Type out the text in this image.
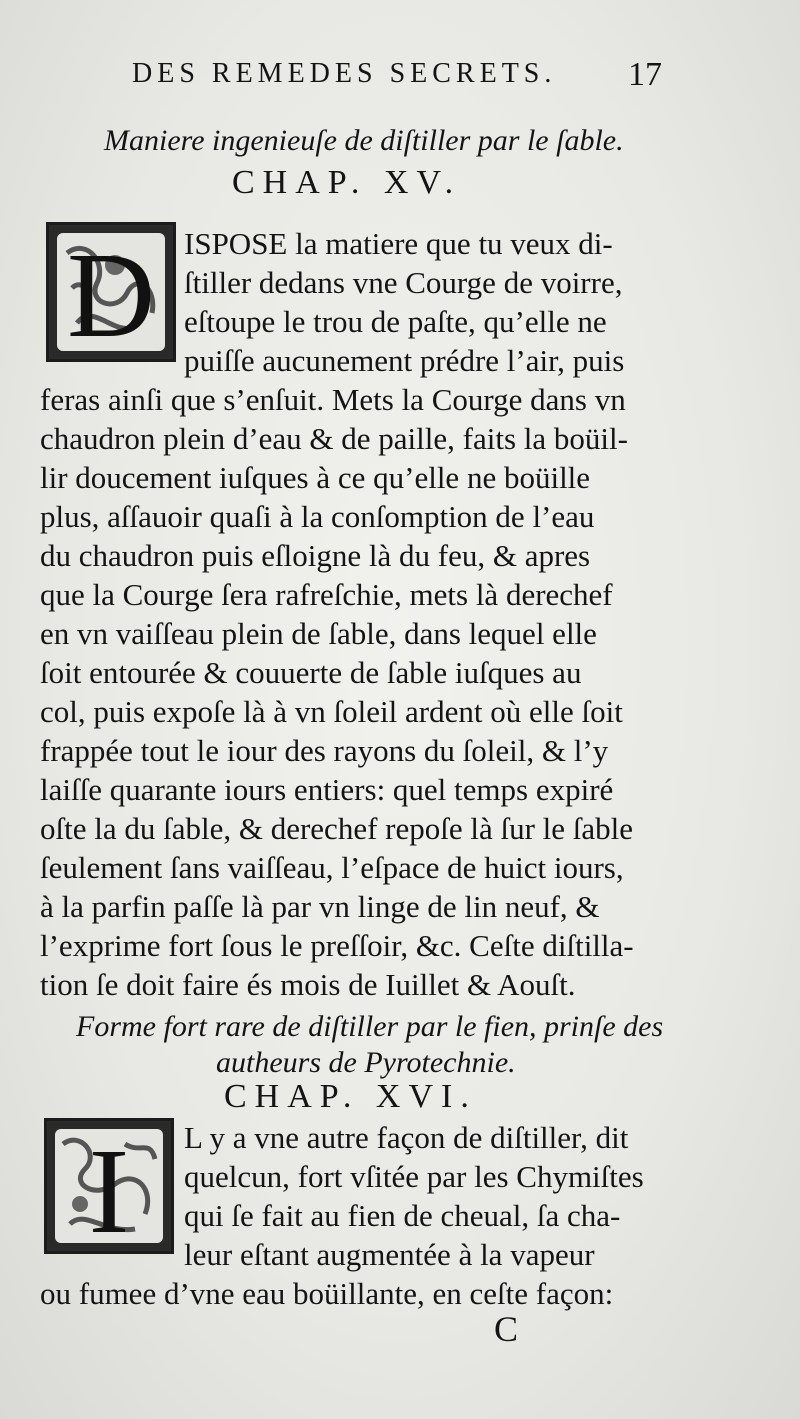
DES REMEDES SECRETS. 17
Maniere ingenieuſe de diſtiller par le ſable.
CHAP. XV.
D ISPOSE la matiere que tu veux di-
ſtiller dedans vne Courge de voirre,
eſtoupe le trou de paſte, qu’elle ne
puiſſe aucunement prédre l’air, puis
feras ainſi que s’enſuit. Mets la Courge dans vn
chaudron plein d’eau & de paille, faits la boüil-
lir doucement iuſques à ce qu’elle ne boüille
plus, aſſauoir quaſi à la conſomption de l’eau
du chaudron puis eſloigne là du feu, & apres
que la Courge ſera rafreſchie, mets là derechef
en vn vaiſſeau plein de ſable, dans lequel elle
ſoit entourée & couuerte de ſable iuſques au
col, puis expoſe là à vn ſoleil ardent où elle ſoit
frappée tout le iour des rayons du ſoleil, & l’y
laiſſe quarante iours entiers: quel temps expiré
oſte la du ſable, & derechef repoſe là ſur le ſable
ſeulement ſans vaiſſeau, l’eſpace de huict iours,
à la parfin paſſe là par vn linge de lin neuf, &
l’exprime fort ſous le preſſoir, &c. Ceſte diſtilla-
tion ſe doit faire és mois de Iuillet & Aouſt.
Forme fort rare de diſtiller par le fien, prinſe des
autheurs de Pyrotechnie.
CHAP. XVI.
I	L y a vne autre façon de diſtiller, dit
quelcun, fort vſitée par les Chymiſtes
qui ſe fait au fien de cheual, ſa cha-
leur eſtant augmentée à la vapeur
ou fumee d’vne eau boüillante, en ceſte façon:
C
